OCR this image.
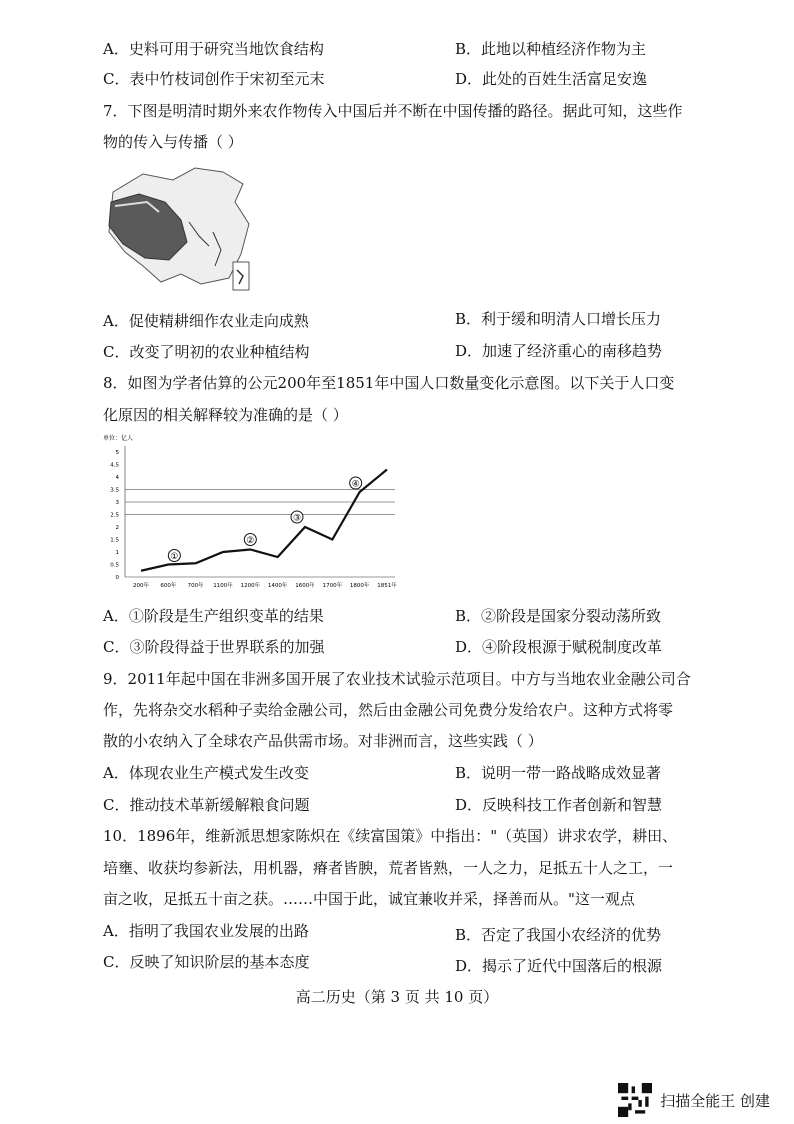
A．史料可用于研究当地饮食结构	B．此地以种植经济作物为主
C．表中竹枝词创作于宋初至元末	D．此处的百姓生活富足安逸
7．下图是明清时期外来农作物传入中国后并不断在中国传播的路径。据此可知，这些作
物的传入与传播（ ）
A．促使精耕细作农业走向成熟	B．利于缓和明清人口增长压力
C．改变了明初的农业种植结构	D．加速了经济重心的南移趋势
8．如图为学者估算的公元200年至1851年中国人口数量变化示意图。以下关于人口变
化原因的相关解释较为准确的是（ ）
单位：亿人
5
4.5
4
3.5
3
2.5
2
1.5
1
0.5
0
200年 600年 700年 1100年 1200年 1400年 1600年 1700年 1800年 1851年
①
②
③
④
A．①阶段是生产组织变革的结果	B．②阶段是国家分裂动荡所致
C．③阶段得益于世界联系的加强	D．④阶段根源于赋税制度改革
9．2011年起中国在非洲多国开展了农业技术试验示范项目。中方与当地农业金融公司合
作，先将杂交水稻种子卖给金融公司，然后由金融公司免费分发给农户。这种方式将零
散的小农纳入了全球农产品供需市场。对非洲而言，这些实践（ ）
A．体现农业生产模式发生改变	B．说明一带一路战略成效显著
C．推动技术革新缓解粮食问题	D．反映科技工作者创新和智慧
10．1896年，维新派思想家陈炽在《续富国策》中指出："（英国）讲求农学，耕田、
培壅、收获均参新法，用机器，瘠者皆腴，荒者皆熟，一人之力，足抵五十人之工，一
亩之收，足抵五十亩之获。……中国于此，诚宜兼收并采，择善而从。"这一观点
A．指明了我国农业发展的出路	B．否定了我国小农经济的优势
C．反映了知识阶层的基本态度	D．揭示了近代中国落后的根源
高二历史（第 3 页 共 10 页）
扫描全能王 创建
